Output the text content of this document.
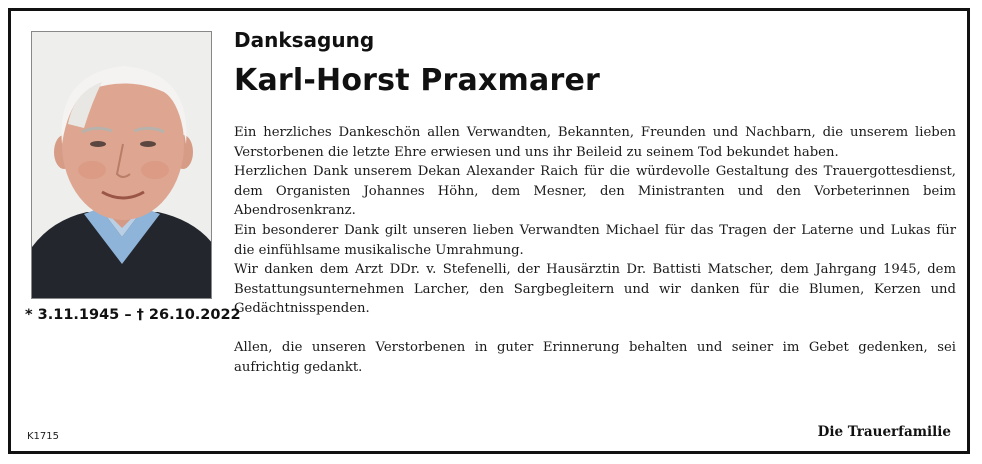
* 3.11.1945 – † 26.10.2022
K1715
Danksagung
Karl-Horst Praxmarer

Ein herzliches Dankeschön allen Verwandten, Bekannten, Freunden und Nachbarn, die unserem lieben Verstorbenen die letzte Ehre erwiesen und uns ihr Beileid zu seinem Tod bekundet haben.

Herzlichen Dank unserem Dekan Alexander Raich für die würdevolle Gestaltung des Trauergottesdienst, dem Organisten Johannes Höhn, dem Mesner, den Ministranten und den Vorbeterinnen beim Abendrosenkranz.

Ein besonderer Dank gilt unseren lieben Verwandten Michael für das Tragen der Laterne und Lukas für die einfühlsame musikalische Umrahmung.

Wir danken dem Arzt DDr. v. Stefenelli, der Hausärztin Dr. Battisti Matscher, dem Jahrgang 1945, dem Bestattungsunternehmen Larcher, den Sargbegleitern und wir danken für die Blumen, Kerzen und Gedächtnisspenden.

Allen, die unseren Verstorbenen in guter Erinnerung behalten und seiner im Gebet gedenken, sei aufrichtig gedankt.

Die Trauerfamilie
